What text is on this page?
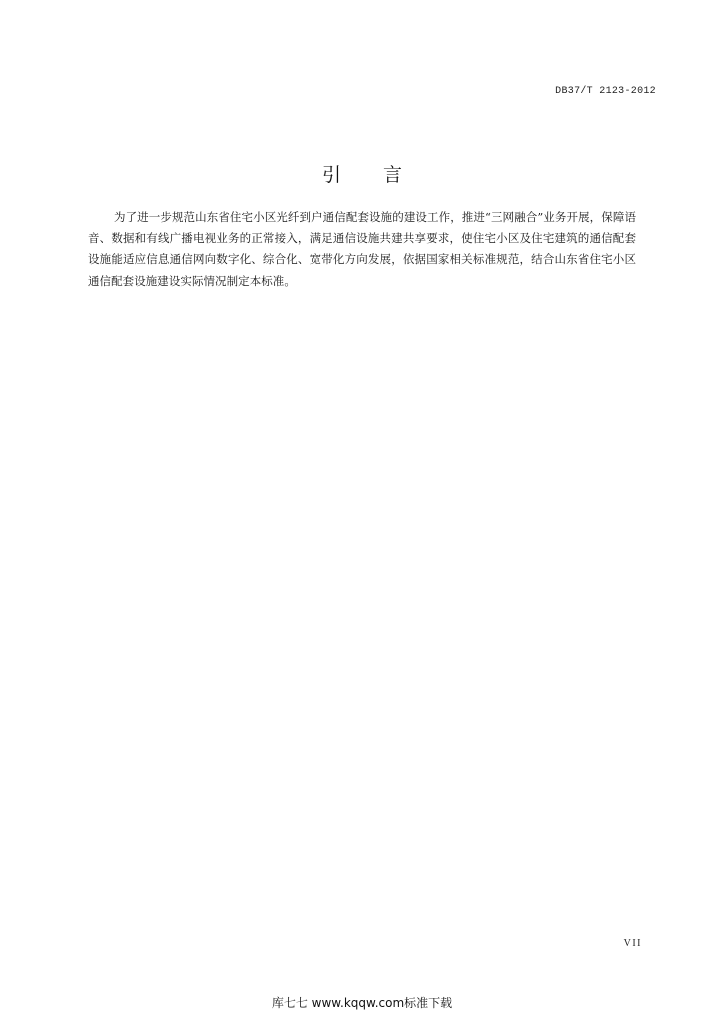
DB37/T 2123-2012
引 言

为了进一步规范山东省住宅小区光纤到户通信配套设施的建设工作，推进“三网融合”业务开展，保障语音、数据和有线广播电视业务的正常接入，满足通信设施共建共享要求，使住宅小区及住宅建筑的通信配套设施能适应信息通信网向数字化、综合化、宽带化方向发展，依据国家相关标准规范，结合山东省住宅小区通信配套设施建设实际情况制定本标准。

VII
库七七 www.kqqw.com标准下载
